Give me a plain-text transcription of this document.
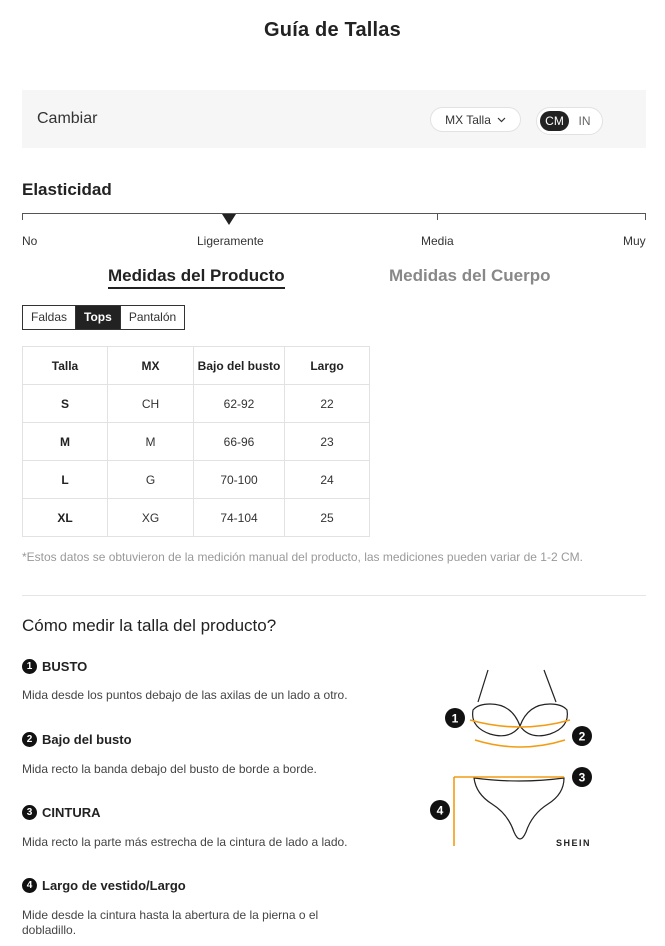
Guía de Tallas
Cambiar	MX Talla	CM	IN
Elasticidad
No	Ligeramente	Media	Muy
Medidas del Producto	Medidas del Cuerpo
Faldas	Tops	Pantalón
Talla	MX	Bajo del busto	Largo
S	CH	62-92	22
M	M	66-96	23
L	G	70-100	24
XL	XG	74-104	25
*Estos datos se obtuvieron de la medición manual del producto, las mediciones pueden variar de 1-2 CM.
Cómo medir la talla del producto?
1 BUSTO
Mida desde los puntos debajo de las axilas de un lado a otro.
2 Bajo del busto
Mida recto la banda debajo del busto de borde a borde.
3 CINTURA
Mida recto la parte más estrecha de la cintura de lado a lado.
4 Largo de vestido/Largo
Mide desde la cintura hasta la abertura de la pierna o el
dobladillo.
1
2
3
4
SHEIN
